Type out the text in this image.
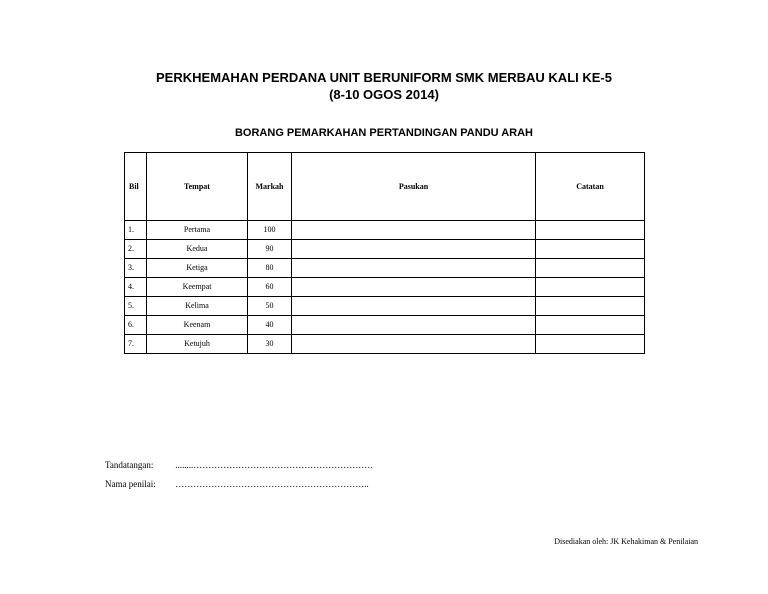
PERKHEMAHAN PERDANA UNIT BERUNIFORM SMK MERBAU KALI KE-5
(8-10 OGOS 2014)
BORANG PEMARKAHAN PERTANDINGAN PANDU ARAH
Bil	Tempat	Markah	Pasukan	Catatan
1.	Pertama	100		
2.	Kedua	90		
3.	Ketiga	80		
4.	Keempat	60		
5.	Kelima	50		
6.	Keenam	40		
7.	Ketujuh	30		
Tandatangan: ........……………………………………………………
Nama penilai: ………………………………………………………..
Disediakan oleh: JK Kehakiman & Penilaian
